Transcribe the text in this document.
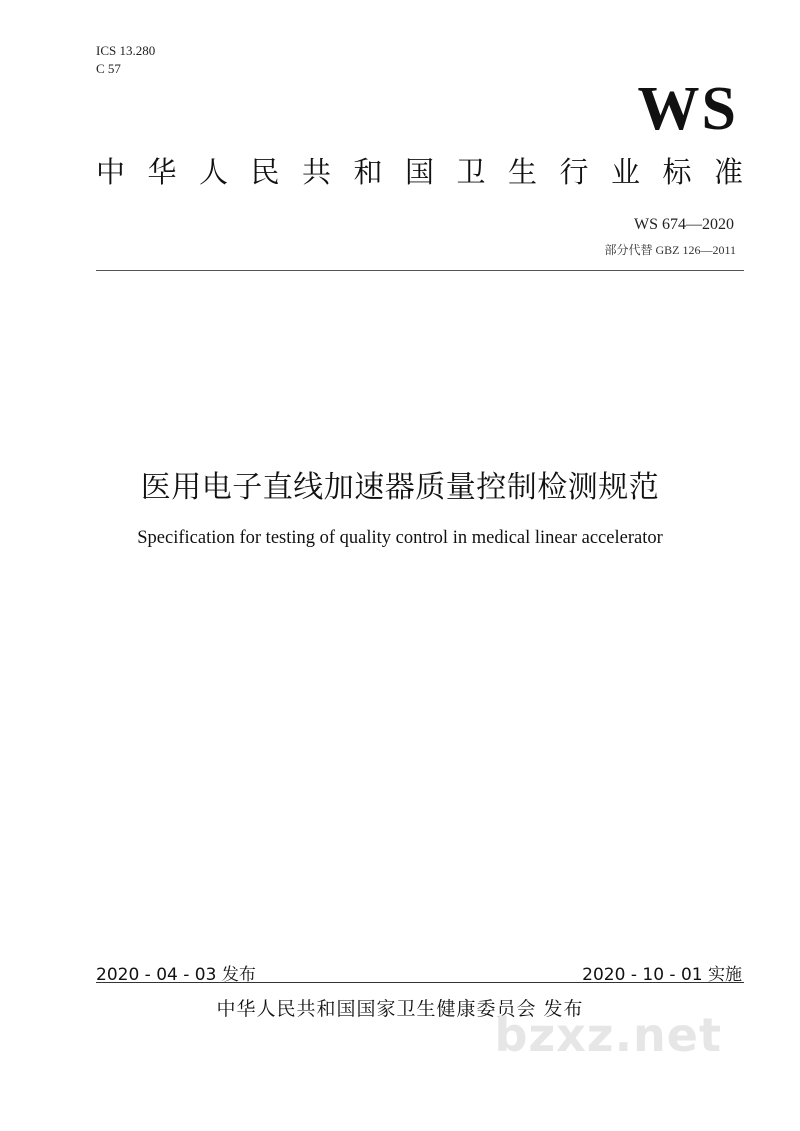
ICS 13.280
C 57
WS
中华人民共和国卫生行业标准
WS 674—2020
部分代替 GBZ 126—2011
医用电子直线加速器质量控制检测规范
Specification for testing of quality control in medical linear accelerator
2020 - 04 - 03 发布	2020 - 10 - 01 实施
中华人民共和国国家卫生健康委员会 发布
bzxz.net
